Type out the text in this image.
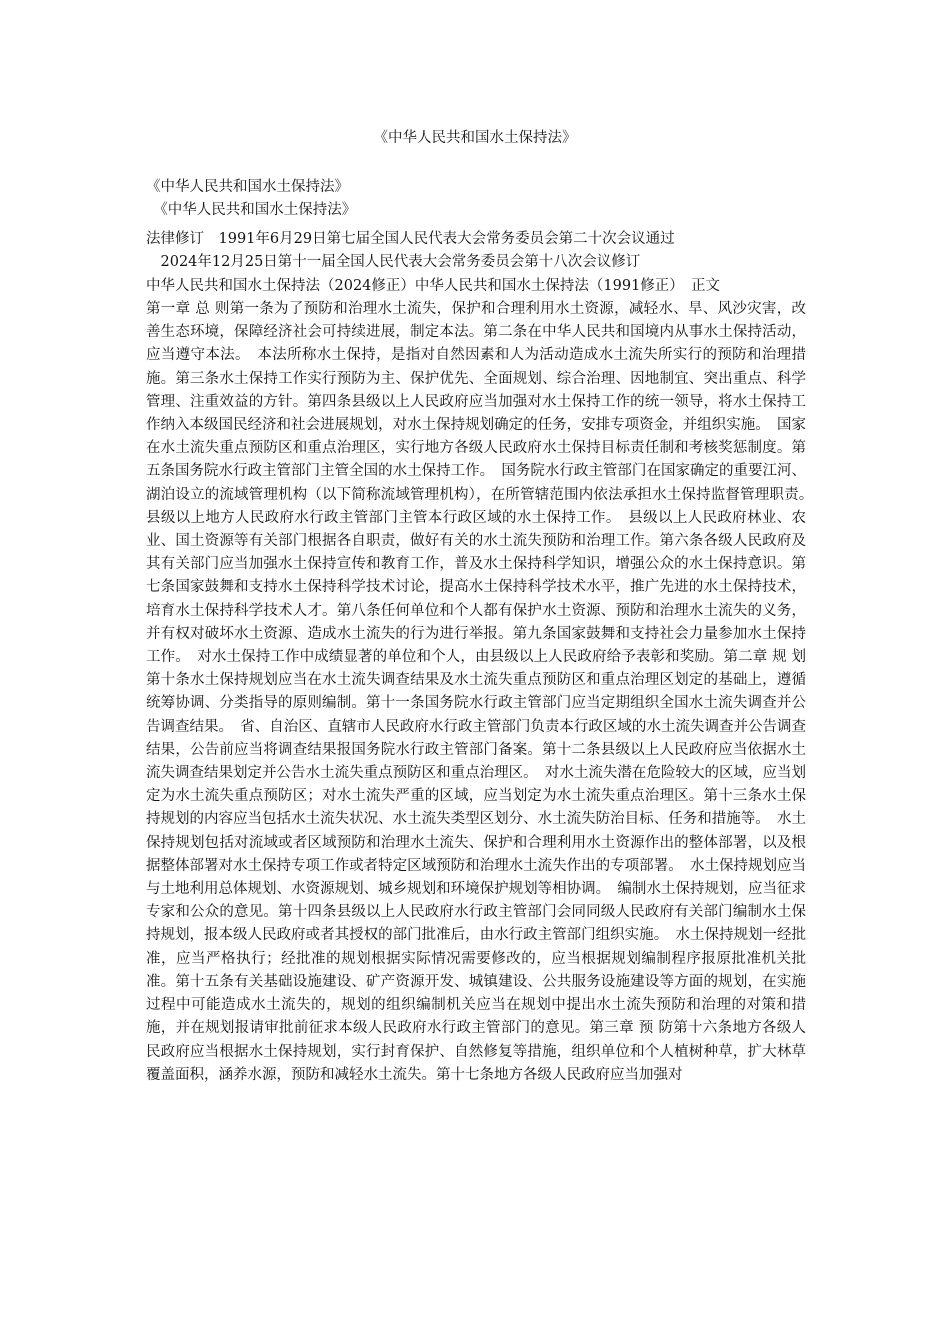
《中华人民共和国水土保持法》
《中华人民共和国水土保持法》
　《中华人民共和国水土保持法》
法律修订　1991年6月29日第七届全国人民代表大会常务委员会第二十次会议通过
　2024年12月25日第十一届全国人民代表大会常务委员会第十八次会议修订
中华人民共和国水土保持法（2024修正）中华人民共和国水土保持法（1991修正）　正文
第一章 总 则第一条为了预防和治理水土流失，保护和合理利用水土资源，减轻水、旱、风沙灾害，改善生态环境，保障经济社会可持续进展，制定本法。第二条在中华人民共和国境内从事水土保持活动，应当遵守本法。　本法所称水土保持，是指对自然因素和人为活动造成水土流失所实行的预防和治理措施。第三条水土保持工作实行预防为主、保护优先、全面规划、综合治理、因地制宜、突出重点、科学管理、注重效益的方针。第四条县级以上人民政府应当加强对水土保持工作的统一领导，将水土保持工作纳入本级国民经济和社会进展规划，对水土保持规划确定的任务，安排专项资金，并组织实施。　国家在水土流失重点预防区和重点治理区，实行地方各级人民政府水土保持目标责任制和考核奖惩制度。第五条国务院水行政主管部门主管全国的水土保持工作。　国务院水行政主管部门在国家确定的重要江河、湖泊设立的流域管理机构（以下简称流域管理机构），在所管辖范围内依法承担水土保持监督管理职责。　县级以上地方人民政府水行政主管部门主管本行政区域的水土保持工作。　县级以上人民政府林业、农业、国土资源等有关部门根据各自职责，做好有关的水土流失预防和治理工作。第六条各级人民政府及其有关部门应当加强水土保持宣传和教育工作，普及水土保持科学知识，增强公众的水土保持意识。第七条国家鼓舞和支持水土保持科学技术讨论，提高水土保持科学技术水平，推广先进的水土保持技术，培育水土保持科学技术人才。第八条任何单位和个人都有保护水土资源、预防和治理水土流失的义务，并有权对破坏水土资源、造成水土流失的行为进行举报。第九条国家鼓舞和支持社会力量参加水土保持工作。　对水土保持工作中成绩显著的单位和个人，由县级以上人民政府给予表彰和奖励。第二章 规 划第十条水土保持规划应当在水土流失调查结果及水土流失重点预防区和重点治理区划定的基础上，遵循统筹协调、分类指导的原则编制。第十一条国务院水行政主管部门应当定期组织全国水土流失调查并公告调查结果。　省、自治区、直辖市人民政府水行政主管部门负责本行政区域的水土流失调查并公告调查结果，公告前应当将调查结果报国务院水行政主管部门备案。第十二条县级以上人民政府应当依据水土流失调查结果划定并公告水土流失重点预防区和重点治理区。　对水土流失潜在危险较大的区域，应当划定为水土流失重点预防区；对水土流失严重的区域，应当划定为水土流失重点治理区。第十三条水土保持规划的内容应当包括水土流失状况、水土流失类型区划分、水土流失防治目标、任务和措施等。　水土保持规划包括对流域或者区域预防和治理水土流失、保护和合理利用水土资源作出的整体部署，以及根据整体部署对水土保持专项工作或者特定区域预防和治理水土流失作出的专项部署。　水土保持规划应当与土地利用总体规划、水资源规划、城乡规划和环境保护规划等相协调。　编制水土保持规划，应当征求专家和公众的意见。第十四条县级以上人民政府水行政主管部门会同同级人民政府有关部门编制水土保持规划，报本级人民政府或者其授权的部门批准后，由水行政主管部门组织实施。　水土保持规划一经批准，应当严格执行；经批准的规划根据实际情况需要修改的，应当根据规划编制程序报原批准机关批准。第十五条有关基础设施建设、矿产资源开发、城镇建设、公共服务设施建设等方面的规划，在实施过程中可能造成水土流失的，规划的组织编制机关应当在规划中提出水土流失预防和治理的对策和措施，并在规划报请审批前征求本级人民政府水行政主管部门的意见。第三章 预 防第十六条地方各级人民政府应当根据水土保持规划，实行封育保护、自然修复等措施，组织单位和个人植树种草，扩大林草覆盖面积，涵养水源，预防和减轻水土流失。第十七条地方各级人民政府应当加强对
